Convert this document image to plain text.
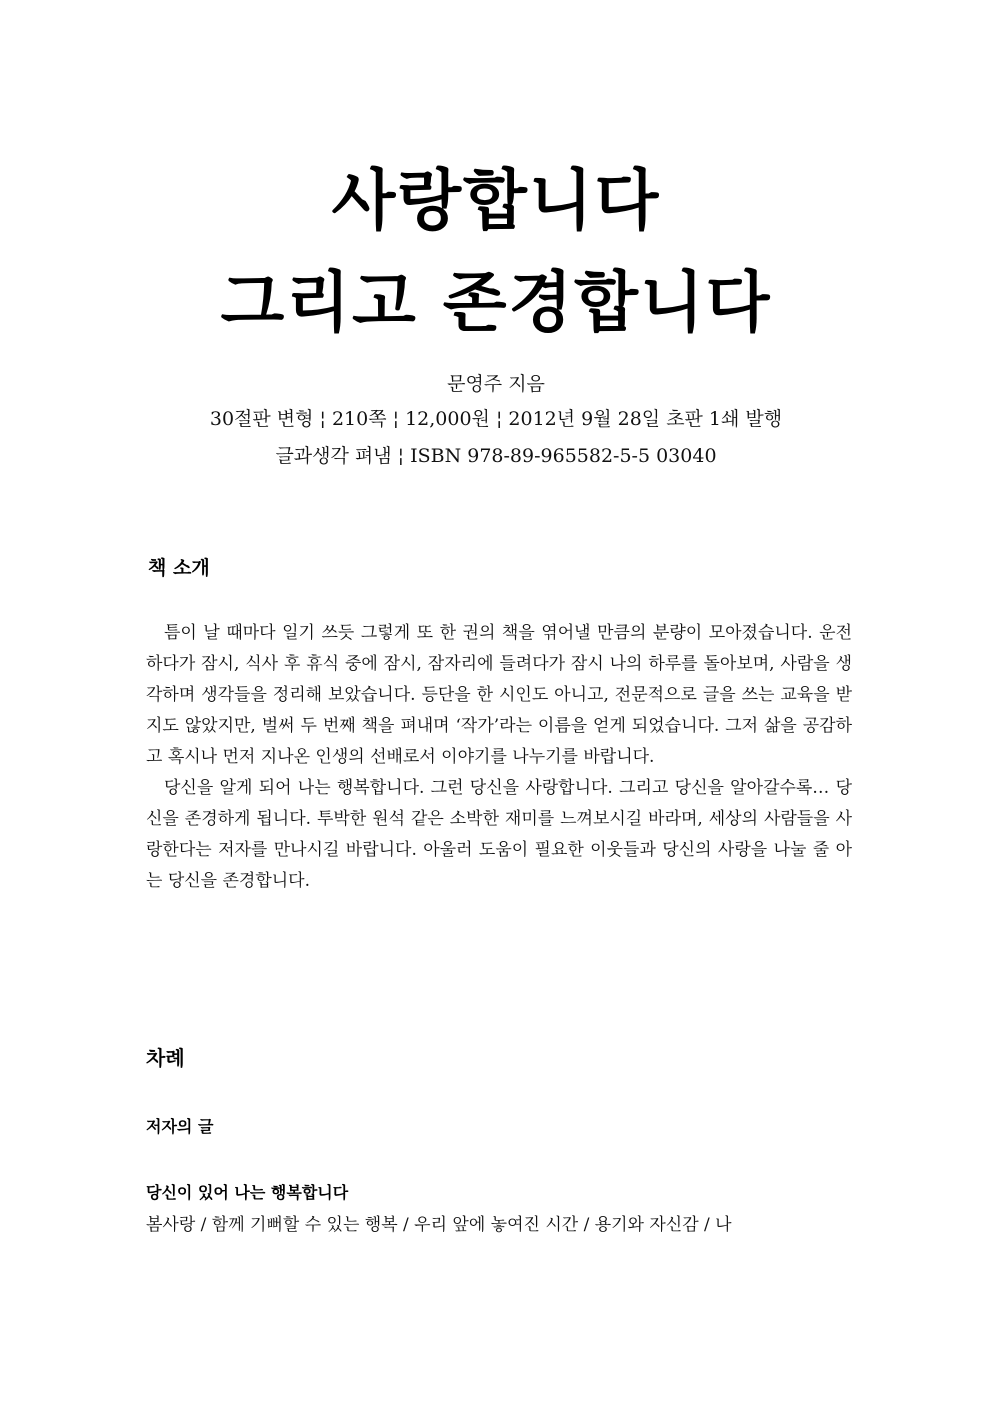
사랑합니다
그리고 존경합니다
문영주 지음
30절판 변형 ¦ 210쪽 ¦ 12,000원 ¦ 2012년 9월 28일 초판 1쇄 발행
글과생각 펴냄 ¦ ISBN 978-89-965582-5-5 03040
책 소개

틈이 날 때마다 일기 쓰듯 그렇게 또 한 권의 책을 엮어낼 만큼의 분량이 모아졌습니다. 운전하다가 잠시, 식사 후 휴식 중에 잠시, 잠자리에 들려다가 잠시 나의 하루를 돌아보며, 사람을 생각하며 생각들을 정리해 보았습니다. 등단을 한 시인도 아니고, 전문적으로 글을 쓰는 교육을 받지도 않았지만, 벌써 두 번째 책을 펴내며 ‘작가’라는 이름을 얻게 되었습니다. 그저 삶을 공감하고 혹시나 먼저 지나온 인생의 선배로서 이야기를 나누기를 바랍니다.

당신을 알게 되어 나는 행복합니다. 그런 당신을 사랑합니다. 그리고 당신을 알아갈수록… 당신을 존경하게 됩니다. 투박한 원석 같은 소박한 재미를 느껴보시길 바라며, 세상의 사람들을 사랑한다는 저자를 만나시길 바랍니다. 아울러 도움이 필요한 이웃들과 당신의 사랑을 나눌 줄 아는 당신을 존경합니다.

차례
저자의 글
당신이 있어 나는 행복합니다
봄사랑 / 함께 기뻐할 수 있는 행복 / 우리 앞에 놓여진 시간 / 용기와 자신감 / 나
